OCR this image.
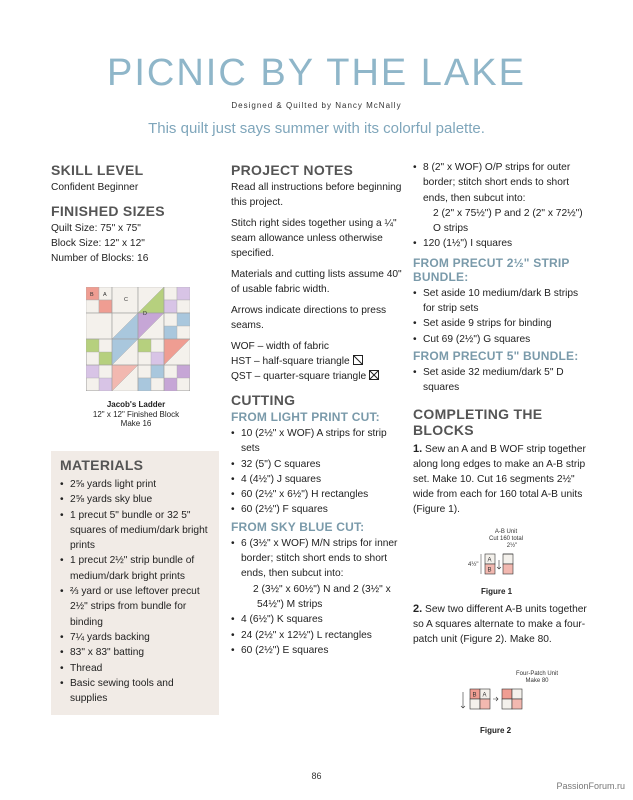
PICNIC BY THE LAKE
Designed & Quilted by Nancy McNally
This quilt just says summer with its colorful palette.
SKILL LEVEL

Confident Beginner

FINISHED SIZES

Quilt Size: 75" x 75"

Block Size: 12" x 12"

Number of Blocks: 16

B A
C
D
Jacob's Ladder
12" x 12" Finished Block
Make 16
MATERIALS
• 2⅝ yards light print
• 2⅝ yards sky blue
• 1 precut 5" bundle or 32 5" squares of medium/dark bright prints
• 1 precut 2½" strip bundle of medium/dark bright prints
• ⅔ yard or use leftover precut 2½" strips from bundle for binding
• 7¼ yards backing
• 83" x 83" batting
• Thread
• Basic sewing tools and supplies
PROJECT NOTES

Read all instructions before beginning this project.

Stitch right sides together using a ¼" seam allowance unless otherwise specified.

Materials and cutting lists assume 40" of usable fabric width.

Arrows indicate directions to press seams.

WOF – width of fabric

HST – half-square triangle

QST – quarter-square triangle

CUTTING
FROM LIGHT PRINT CUT:
• 10 (2½" x WOF) A strips for strip sets
• 32 (5") C squares
• 4 (4½") J squares
• 60 (2½" x 6½") H rectangles
• 60 (2½") F squares
FROM SKY BLUE CUT:
• 6 (3½" x WOF) M/N strips for inner border; stitch short ends to short ends, then subcut into:
2 (3½" x 60½") N and 2 (3½" x 54½") M strips
• 4 (6½") K squares
• 24 (2½" x 12½") L rectangles
• 60 (2½") E squares
• 8 (2" x WOF) O/P strips for outer border; stitch short ends to short ends, then subcut into:
2 (2" x 75½") P and 2 (2" x 72½") O strips
• 120 (1½") I squares
FROM PRECUT 2½" STRIP BUNDLE:
• Set aside 10 medium/dark B strips for strip sets
• Set aside 9 strips for binding
• Cut 69 (2½") G squares
FROM PRECUT 5" BUNDLE:
• Set aside 32 medium/dark 5" D squares
COMPLETING THE BLOCKS

1. Sew an A and B WOF strip together along long edges to make an A-B strip set. Make 10. Cut 16 segments 2½" wide from each for 160 total A-B units (Figure 1).

A-B Unit
Cut 160 total
2½"
4½"
A
B
Figure 1

2. Sew two different A-B units together so A squares alternate to make a four-patch unit (Figure 2). Make 80.

Four-Patch Unit
Make 80
B A
Figure 2
86
PassionForum.ru
